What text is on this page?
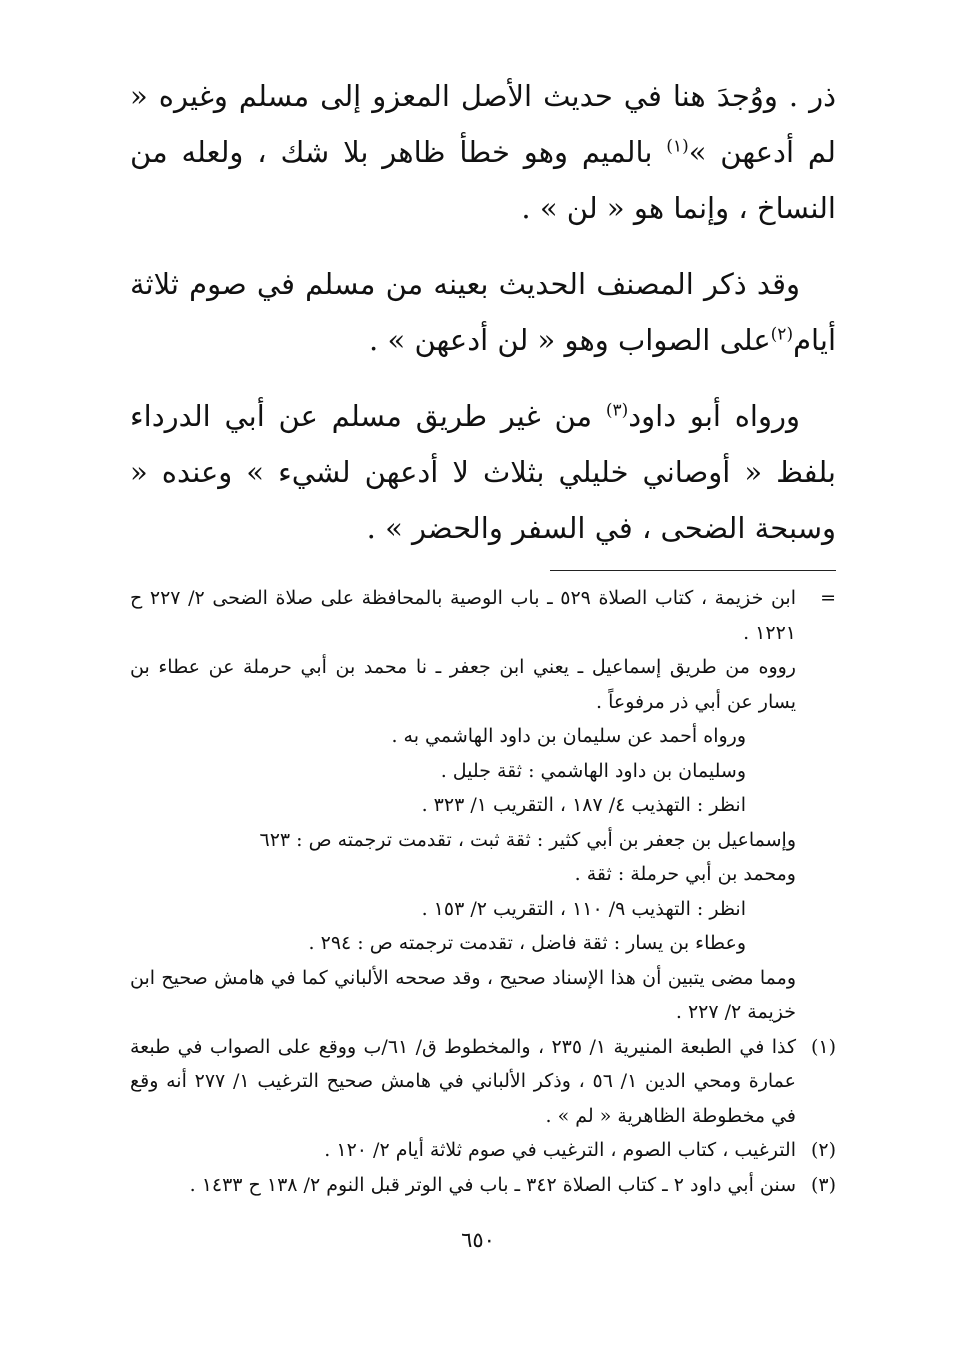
ذر . ووُجدَ هنا في حديث الأصل المعزو إلى مسلم وغيره « لم أدعهن »$^{(١)}$ بالميم وهو خطأ ظاهر بلا شك ، ولعله من النساخ ، وإنما هو « لن » .

وقد ذكر المصنف الحديث بعينه من مسلم في صوم ثلاثة أيام$^{(٢)}$على الصواب وهو « لن أدعهن » .

ورواه أبو داود$^{(٣)}$ من غير طريق مسلم عن أبي الدرداء بلفظ « أوصاني خليلي بثلاث لا أدعهن لشيء » وعنده « وسبحة الضحى ، في السفر والحضر » .

=
ابن خزيمة ، كتاب الصلاة ٥٢٩ ـ باب الوصية بالمحافظة على صلاة الضحى ٢/ ٢٢٧ ح ١٢٢١ .
رووه من طريق إسماعيل ـ يعني ابن جعفر ـ نا محمد بن أبي حرملة عن عطاء بن يسار عن أبي ذر مرفوعاً .
ورواه أحمد عن سليمان بن داود الهاشمي به .
وسليمان بن داود الهاشمي : ثقة جليل .
انظر : التهذيب ٤/ ١٨٧ ، التقريب ١/ ٣٢٣ .
وإسماعيل بن جعفر بن أبي كثير : ثقة ثبت ، تقدمت ترجمته ص : ٦٢٣
ومحمد بن أبي حرملة : ثقة .
انظر : التهذيب ٩/ ١١٠ ، التقريب ٢/ ١٥٣ .
وعطاء بن يسار : ثقة فاضل ، تقدمت ترجمته ص : ٢٩٤ .
ومما مضى يتبين أن هذا الإسناد صحيح ، وقد صححه الألباني كما في هامش صحيح ابن خزيمة ٢/ ٢٢٧ .
(١)
كذا في الطبعة المنيرية ١/ ٢٣٥ ، والمخطوط ق/ ٦١/ب ووقع على الصواب في طبعة عمارة ومحي الدين ١/ ٥٦ ، وذكر الألباني في هامش صحيح الترغيب ١/ ٢٧٧ أنه وقع في مخطوطة الظاهرية « لم » .
(٢)
الترغيب ، كتاب الصوم ، الترغيب في صوم ثلاثة أيام ٢/ ١٢٠ .
(٣)
سنن أبي داود ٢ ـ كتاب الصلاة ٣٤٢ ـ باب في الوتر قبل النوم ٢/ ١٣٨ ح ١٤٣٣ .
٦٥٠
